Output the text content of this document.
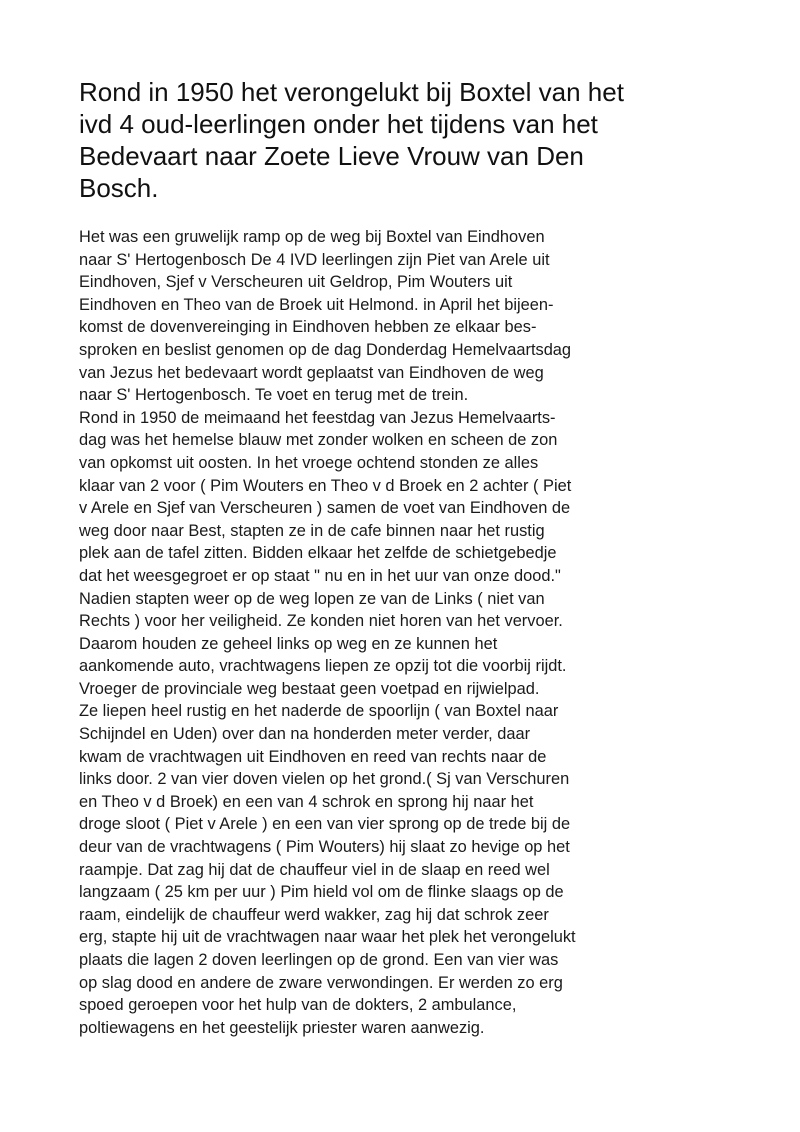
Rond in 1950 het verongelukt bij Boxtel van het
ivd 4 oud-leerlingen onder het tijdens van het
Bedevaart naar Zoete Lieve Vrouw van Den
Bosch.
Het was een gruwelijk ramp op de weg bij Boxtel van Eindhoven
naar S' Hertogenbosch De 4 IVD leerlingen zijn Piet van Arele uit
Eindhoven, Sjef v Verscheuren uit Geldrop, Pim Wouters uit
Eindhoven en Theo van de Broek uit Helmond. in April het bijeen-
komst de dovenvereinging in Eindhoven hebben ze elkaar bes-
sproken en beslist genomen op de dag Donderdag Hemelvaartsdag
van Jezus het bedevaart wordt geplaatst van Eindhoven de weg
naar S' Hertogenbosch. Te voet en terug met de trein.
Rond in 1950 de meimaand het feestdag van Jezus Hemelvaarts-
dag was het hemelse blauw met zonder wolken en scheen de zon
van opkomst uit oosten. In het vroege ochtend stonden ze alles
klaar van 2 voor ( Pim Wouters en Theo v d Broek en 2 achter ( Piet
v Arele en Sjef van Verscheuren ) samen de voet van Eindhoven de
weg door naar Best, stapten ze in de cafe binnen naar het rustig
plek aan de tafel zitten. Bidden elkaar het zelfde de schietgebedje
dat het weesgegroet er op staat " nu en in het uur van onze dood."
Nadien stapten weer op de weg lopen ze van de Links ( niet van
Rechts ) voor her veiligheid. Ze konden niet horen van het vervoer.
Daarom houden ze geheel links op weg en ze kunnen het
aankomende auto, vrachtwagens liepen ze opzij tot die voorbij rijdt.
Vroeger de provinciale weg bestaat geen voetpad en rijwielpad.
Ze liepen heel rustig en het naderde de spoorlijn ( van Boxtel naar
Schijndel en Uden) over dan na honderden meter verder, daar
kwam de vrachtwagen uit Eindhoven en reed van rechts naar de
links door. 2 van vier doven vielen op het grond.( Sj van Verschuren
en Theo v d Broek) en een van 4 schrok en sprong hij naar het
droge sloot ( Piet v Arele ) en een van vier sprong op de trede bij de
deur van de vrachtwagens ( Pim Wouters) hij slaat zo hevige op het
raampje. Dat zag hij dat de chauffeur viel in de slaap en reed wel
langzaam ( 25 km per uur ) Pim hield vol om de flinke slaags op de
raam, eindelijk de chauffeur werd wakker, zag hij dat schrok zeer
erg, stapte hij uit de vrachtwagen naar waar het plek het verongelukt
plaats die lagen 2 doven leerlingen op de grond. Een van vier was
op slag dood en andere de zware verwondingen. Er werden zo erg
spoed geroepen voor het hulp van de dokters, 2 ambulance,
poltiewagens en het geestelijk priester waren aanwezig.
